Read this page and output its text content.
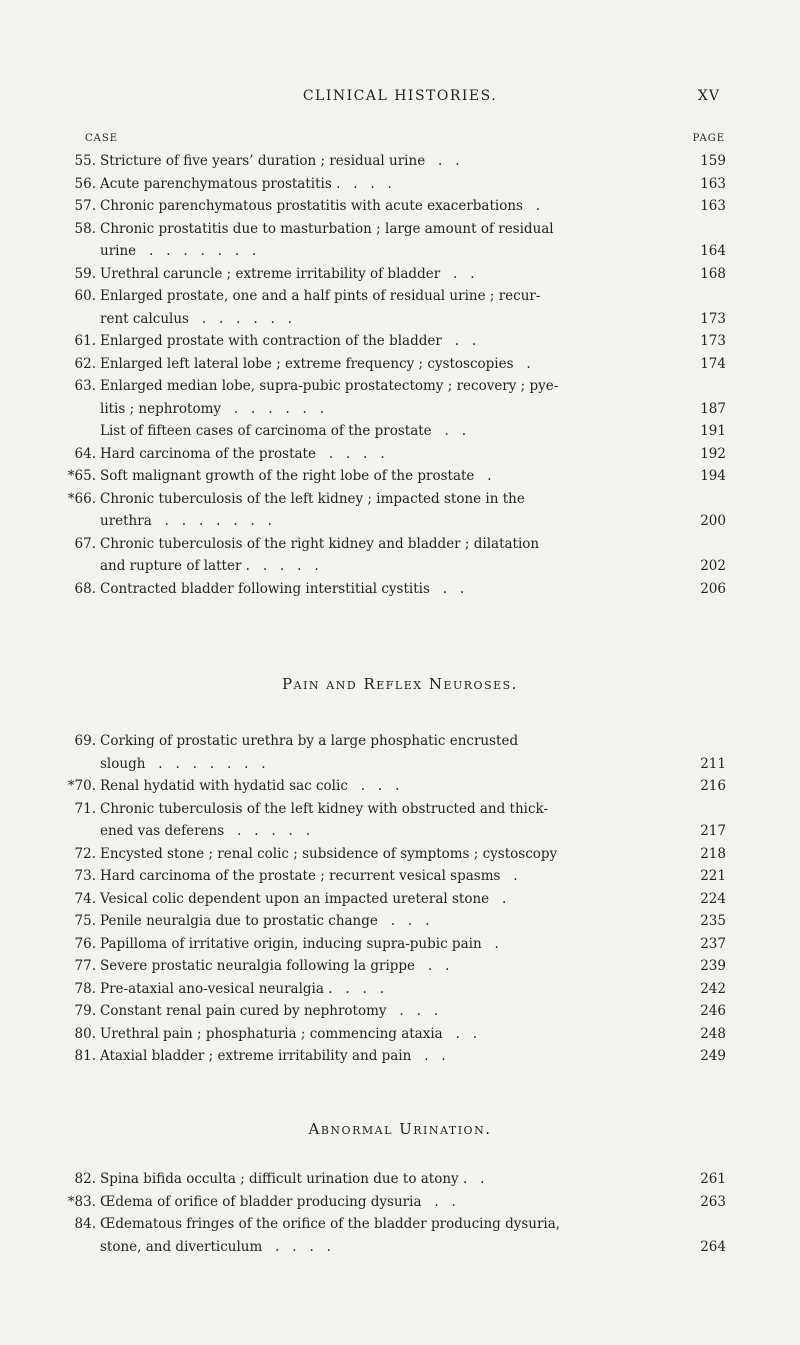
CLINICAL HISTORIES.	XV
CASE	PAGE
55. Stricture of five years’ duration ; residual urine   .   .	159
56. Acute parenchymatous prostatitis .   .   .   .	163
57. Chronic parenchymatous prostatitis with acute exacerbations   .	163
58. Chronic prostatitis due to masturbation ; large amount of residual
urine   .   .   .   .   .   .   .	164
59. Urethral caruncle ; extreme irritability of bladder   .   .	168
60. Enlarged prostate, one and a half pints of residual urine ; recur-
rent calculus   .   .   .   .   .   .	173
61. Enlarged prostate with contraction of the bladder   .   .	173
62. Enlarged left lateral lobe ; extreme frequency ; cystoscopies   .	174
63. Enlarged median lobe, supra-pubic prostatectomy ; recovery ; pye-
litis ; nephrotomy   .   .   .   .   .   .	187
List of fifteen cases of carcinoma of the prostate   .   .	191
64. Hard carcinoma of the prostate   .   .   .   .	192
*65. Soft malignant growth of the right lobe of the prostate   .	194
*66. Chronic tuberculosis of the left kidney ; impacted stone in the
urethra   .   .   .   .   .   .   .	200
67. Chronic tuberculosis of the right kidney and bladder ; dilatation
and rupture of latter .   .   .   .   .	202
68. Contracted bladder following interstitial cystitis   .   .	206
69. Corking of prostatic urethra by a large phosphatic encrusted
slough   .   .   .   .   .   .   .	211
*70. Renal hydatid with hydatid sac colic   .   .   .	216
71. Chronic tuberculosis of the left kidney with obstructed and thick-
ened vas deferens   .   .   .   .   .	217
72. Encysted stone ; renal colic ; subsidence of symptoms ; cystoscopy	218
73. Hard carcinoma of the prostate ; recurrent vesical spasms   .	221
74. Vesical colic dependent upon an impacted ureteral stone   .	224
75. Penile neuralgia due to prostatic change   .   .   .	235
76. Papilloma of irritative origin, inducing supra-pubic pain   .	237
77. Severe prostatic neuralgia following la grippe   .   .	239
78. Pre-ataxial ano-vesical neuralgia .   .   .   .	242
79. Constant renal pain cured by nephrotomy   .   .   .	246
80. Urethral pain ; phosphaturia ; commencing ataxia   .   .	248
81. Ataxial bladder ; extreme irritability and pain   .   .	249
82. Spina bifida occulta ; difficult urination due to atony .   .	261
*83. Œdema of orifice of bladder producing dysuria   .   .	263
84. Œdematous fringes of the orifice of the bladder producing dysuria,
stone, and diverticulum   .   .   .   .	264
Pain and Reflex Neuroses.
Abnormal Urination.
